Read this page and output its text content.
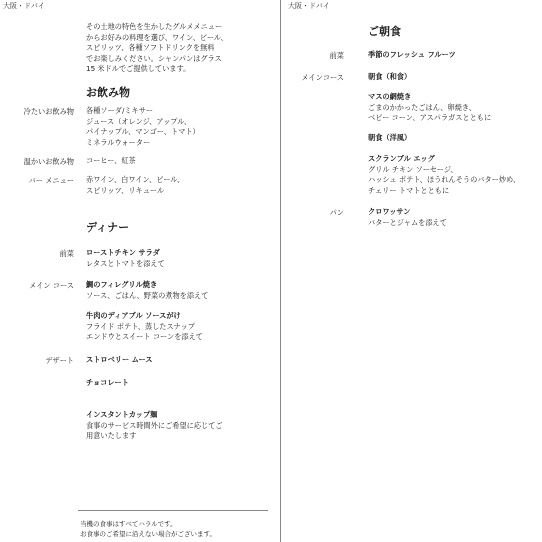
大阪・ドバイ
その土地の特色を生かしたグルメメニュー
からお好みの料理を選び、ワイン、ビール、
スピリッツ、各種ソフトドリンクを無料
でお楽しみください。シャンパンはグラス
15 米ドルでご提供しています。
お飲み物
冷たいお飲み物 各種ソーダ/ミキサー
ジュース（オレンジ、アップル、
パイナップル、マンゴー、トマト）
ミネラルウォーター
温かいお飲み物 コーヒー、紅茶
バー メニュー 赤ワイン、白ワイン、ビール、
スピリッツ、リキュール
ディナー
前菜 ローストチキン サラダ
レタスとトマトを添えて
メイン コース 鯛のフィレグリル焼き
ソース、ごはん、野菜の煮物を添えて
牛肉のディアブル ソースがけ
フライド ポテト、蒸したスナップ
エンドウとスイート コーンを添えて
デザート ストロベリー ムース
チョコレート
インスタントカップ麺
食事のサービス時間外にご希望に応じてご
用意いたします
当機の食事はすべてハラルです。
お食事のご希望に沿えない場合がございます。
大阪・ドバイ
ご朝食
前菜	季節のフレッシュ フルーツ
メインコース	朝食（和食）
マスの網焼き
ごまのかかったごはん、卵焼き、
ベビー コーン、アスパラガスとともに
朝食（洋風）
スクランブル エッグ
グリル チキン ソーセージ、
ハッシュ ポテト、ほうれんそうのバター炒め、
チェリー トマトとともに
パン	クロワッサン
バターとジャムを添えて
